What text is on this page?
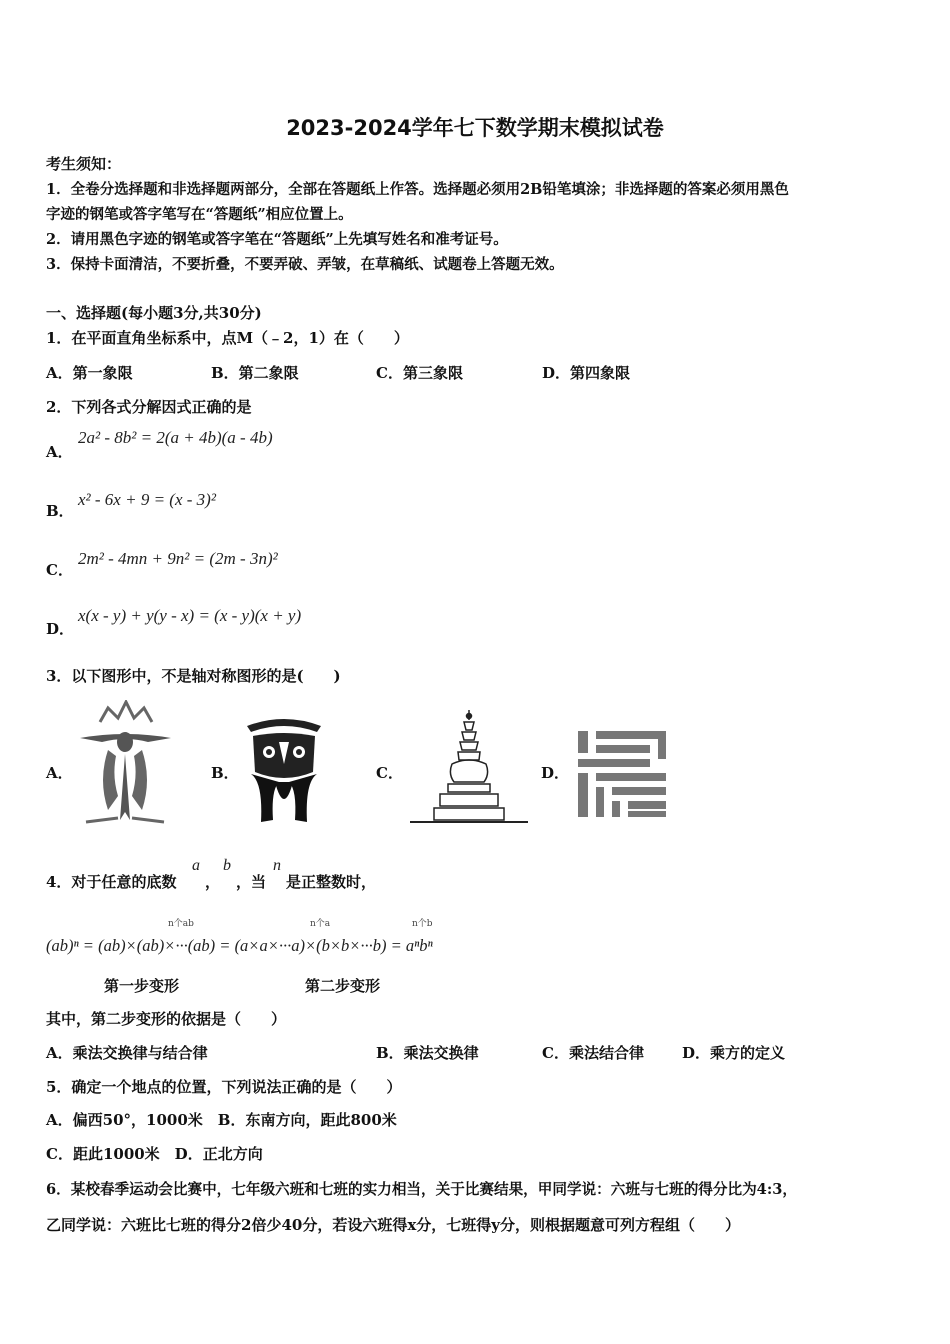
2023-2024学年七下数学期末模拟试卷
考生须知：
1．全卷分选择题和非选择题两部分，全部在答题纸上作答。选择题必须用2B铅笔填涂；非选择题的答案必须用黑色
字迹的钢笔或答字笔写在“答题纸”相应位置上。
2．请用黑色字迹的钢笔或答字笔在“答题纸”上先填写姓名和准考证号。
3．保持卡面清洁，不要折叠，不要弄破、弄皱，在草稿纸、试题卷上答题无效。
一、选择题(每小题3分,共30分)
1．在平面直角坐标系中，点M（﹣2，1）在（　　）
A．第一象限	B．第二象限	C．第三象限	D．第四象限
2．下列各式分解因式正确的是
A．
2a² - 8b² = 2(a + 4b)(a - 4b)
B．
x² - 6x + 9 = (x - 3)²
C．
2m² - 4mn + 9n² = (2m - 3n)²
D．
x(x - y) + y(y - x) = (x - y)(x + y)
3．以下图形中，不是轴对称图形的是(　　)
A．	B．	C．	D．
4．对于任意的底数
a
，
b
，当
n
是正整数时，
n个ab	n个a	n个b
(ab)ⁿ = (ab)×(ab)×···(ab) = (a×a×···a)×(b×b×···b) = aⁿbⁿ
第一步变形	第二步变形
其中，第二步变形的依据是（　　）
A．乘法交换律与结合律	B．乘法交换律	C．乘法结合律	D．乘方的定义
5．确定一个地点的位置，下列说法正确的是（　　）
A．偏西50°，1000米　B．东南方向，距此800米
C．距此1000米　D．正北方向
6．某校春季运动会比赛中，七年级六班和七班的实力相当，关于比赛结果，甲同学说：六班与七班的得分比为4:3，
乙同学说：六班比七班的得分2倍少40分，若设六班得x分，七班得y分，则根据题意可列方程组（　　）
